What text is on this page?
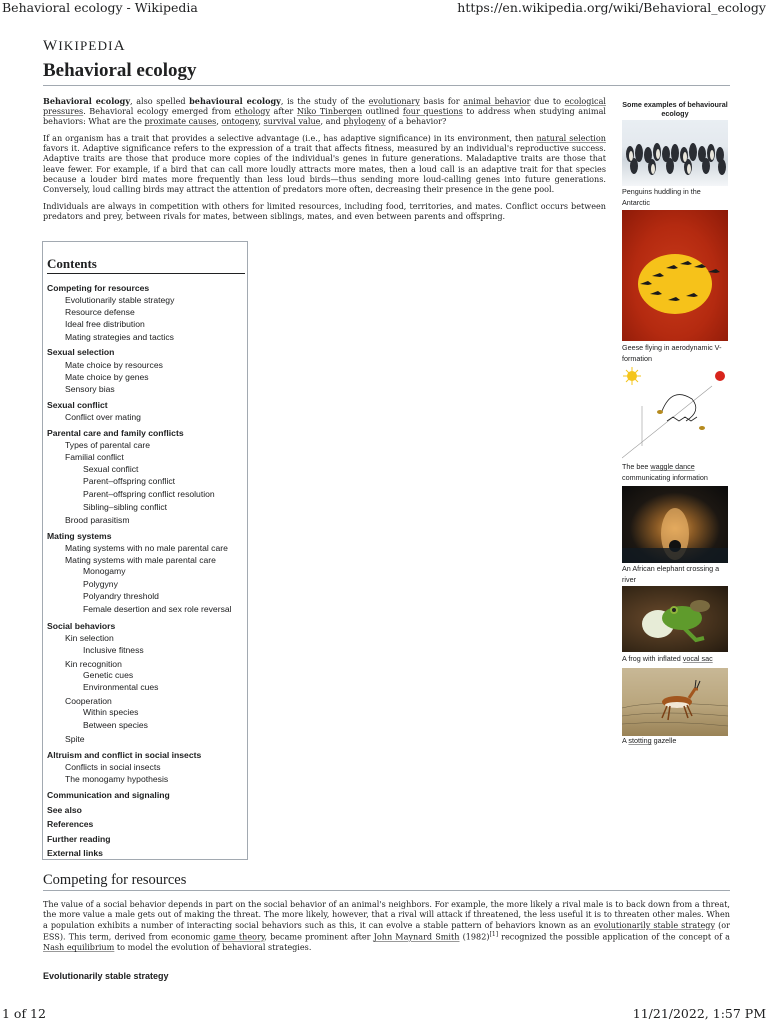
Behavioral ecology - Wikipedia	https://en.wikipedia.org/wiki/Behavioral_ecology
WIKIPEDIA
Behavioral ecology

Behavioral ecology, also spelled behavioural ecology, is the study of the evolutionary basis for animal behavior due to ecological pressures. Behavioral ecology emerged from ethology after Niko Tinbergen outlined four questions to address when studying animal behaviors: What are the proximate causes, ontogeny, survival value, and phylogeny of a behavior?

If an organism has a trait that provides a selective advantage (i.e., has adaptive significance) in its environment, then natural selection favors it. Adaptive significance refers to the expression of a trait that affects fitness, measured by an individual's reproductive success. Adaptive traits are those that produce more copies of the individual's genes in future generations. Maladaptive traits are those that leave fewer. For example, if a bird that can call more loudly attracts more mates, then a loud call is an adaptive trait for that species because a louder bird mates more frequently than less loud birds—thus sending more loud-calling genes into future generations. Conversely, loud calling birds may attract the attention of predators more often, decreasing their presence in the gene pool.

Individuals are always in competition with others for limited resources, including food, territories, and mates. Conflict occurs between predators and prey, between rivals for mates, between siblings, mates, and even between parents and offspring.

Contents
Competing for resources
Evolutionarily stable strategy
Resource defense
Ideal free distribution
Mating strategies and tactics
Sexual selection
Mate choice by resources
Mate choice by genes
Sensory bias
Sexual conflict
Conflict over mating
Parental care and family conflicts
Types of parental care
Familial conflict
Sexual conflict
Parent–offspring conflict
Parent–offspring conflict resolution
Sibling–sibling conflict
Brood parasitism
Mating systems
Mating systems with no male parental care
Mating systems with male parental care
Monogamy
Polygyny
Polyandry threshold
Female desertion and sex role reversal
Social behaviors
Kin selection
Inclusive fitness
Kin recognition
Genetic cues
Environmental cues
Cooperation
Within species
Between species
Spite
Altruism and conflict in social insects
Conflicts in social insects
The monogamy hypothesis
Communication and signaling
See also
References
Further reading
External links
Some examples of behavioural ecology
Penguins huddling in the Antarctic
Geese flying in aerodynamic V-formation
The bee waggle dance communicating information
An African elephant crossing a river
A frog with inflated vocal sac
A stotting gazelle
Competing for resources
The value of a social behavior depends in part on the social behavior of an animal's neighbors. For example, the more likely a rival male is to back down from a threat, the more value a male gets out of making the threat. The more likely, however, that a rival will attack if threatened, the less useful it is to threaten other males. When a population exhibits a number of interacting social behaviors such as this, it can evolve a stable pattern of behaviors known as an evolutionarily stable strategy (or ESS). This term, derived from economic game theory, became prominent after John Maynard Smith (1982)[1] recognized the possible application of the concept of a Nash equilibrium to model the evolution of behavioral strategies.
Evolutionarily stable strategy
1 of 12	11/21/2022, 1:57 PM
